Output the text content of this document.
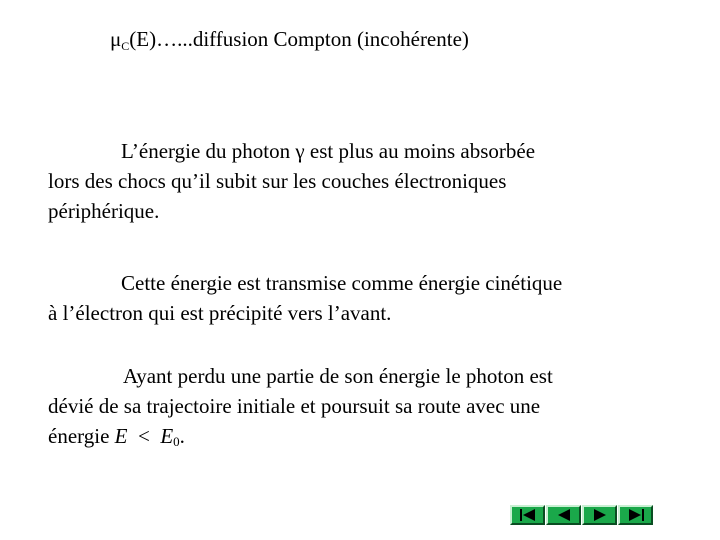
$\mu_C(E)\dots...diffusion$ Compton (incohérente)
L’énergie du photon γ est plus au moins absorbée
lors des chocs qu’il subit sur les couches électroniques
périphérique.
Cette énergie est transmise comme énergie cinétique
à l’électron qui est précipité vers l’avant.
Ayant perdu une partie de son énergie le photon est
dévié de sa trajectoire initiale et poursuit sa route avec une
énergie $E < E_0$.
